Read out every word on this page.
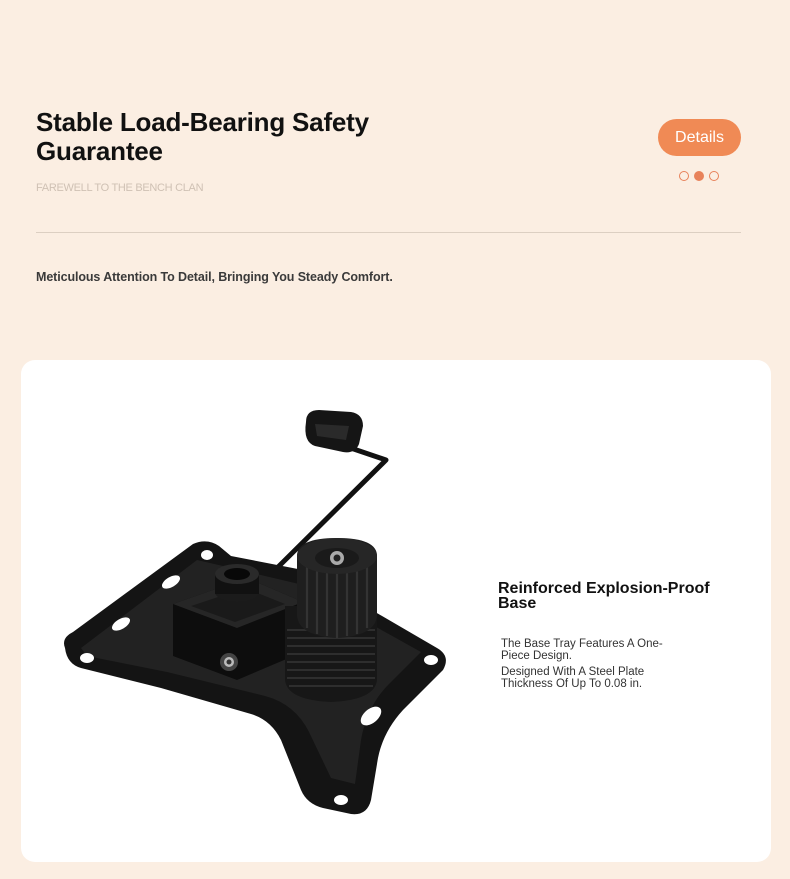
Stable Load-Bearing Safety Guarantee
FAREWELL TO THE BENCH CLAN
Details
Meticulous Attention To Detail, Bringing You Steady Comfort.
Reinforced Explosion-Proof Base

The Base Tray Features A One-Piece Design.

Designed With A Steel Plate Thickness Of Up To 0.08 in.
